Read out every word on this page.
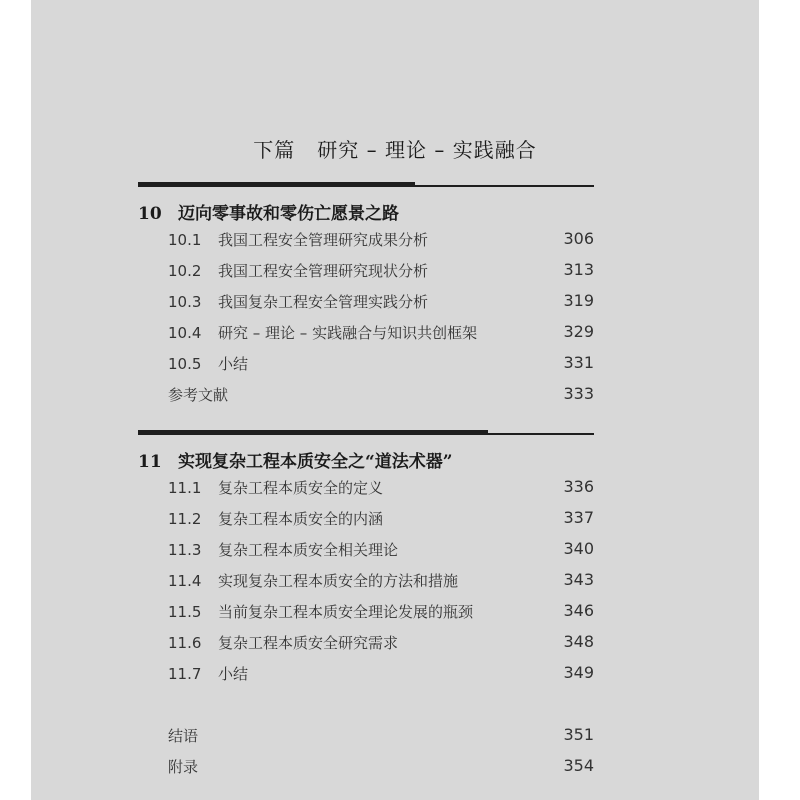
下篇 研究 – 理论 – 实践融合
10 迈向零事故和零伤亡愿景之路
10.1 我国工程安全管理研究成果分析	306
10.2 我国工程安全管理研究现状分析	313
10.3 我国复杂工程安全管理实践分析	319
10.4 研究 – 理论 – 实践融合与知识共创框架	329
10.5 小结	331
参考文献	333
11 实现复杂工程本质安全之“道法术器”
11.1 复杂工程本质安全的定义	336
11.2 复杂工程本质安全的内涵	337
11.3 复杂工程本质安全相关理论	340
11.4 实现复杂工程本质安全的方法和措施	343
11.5 当前复杂工程本质安全理论发展的瓶颈	346
11.6 复杂工程本质安全研究需求	348
11.7 小结	349
结语	351
附录	354
